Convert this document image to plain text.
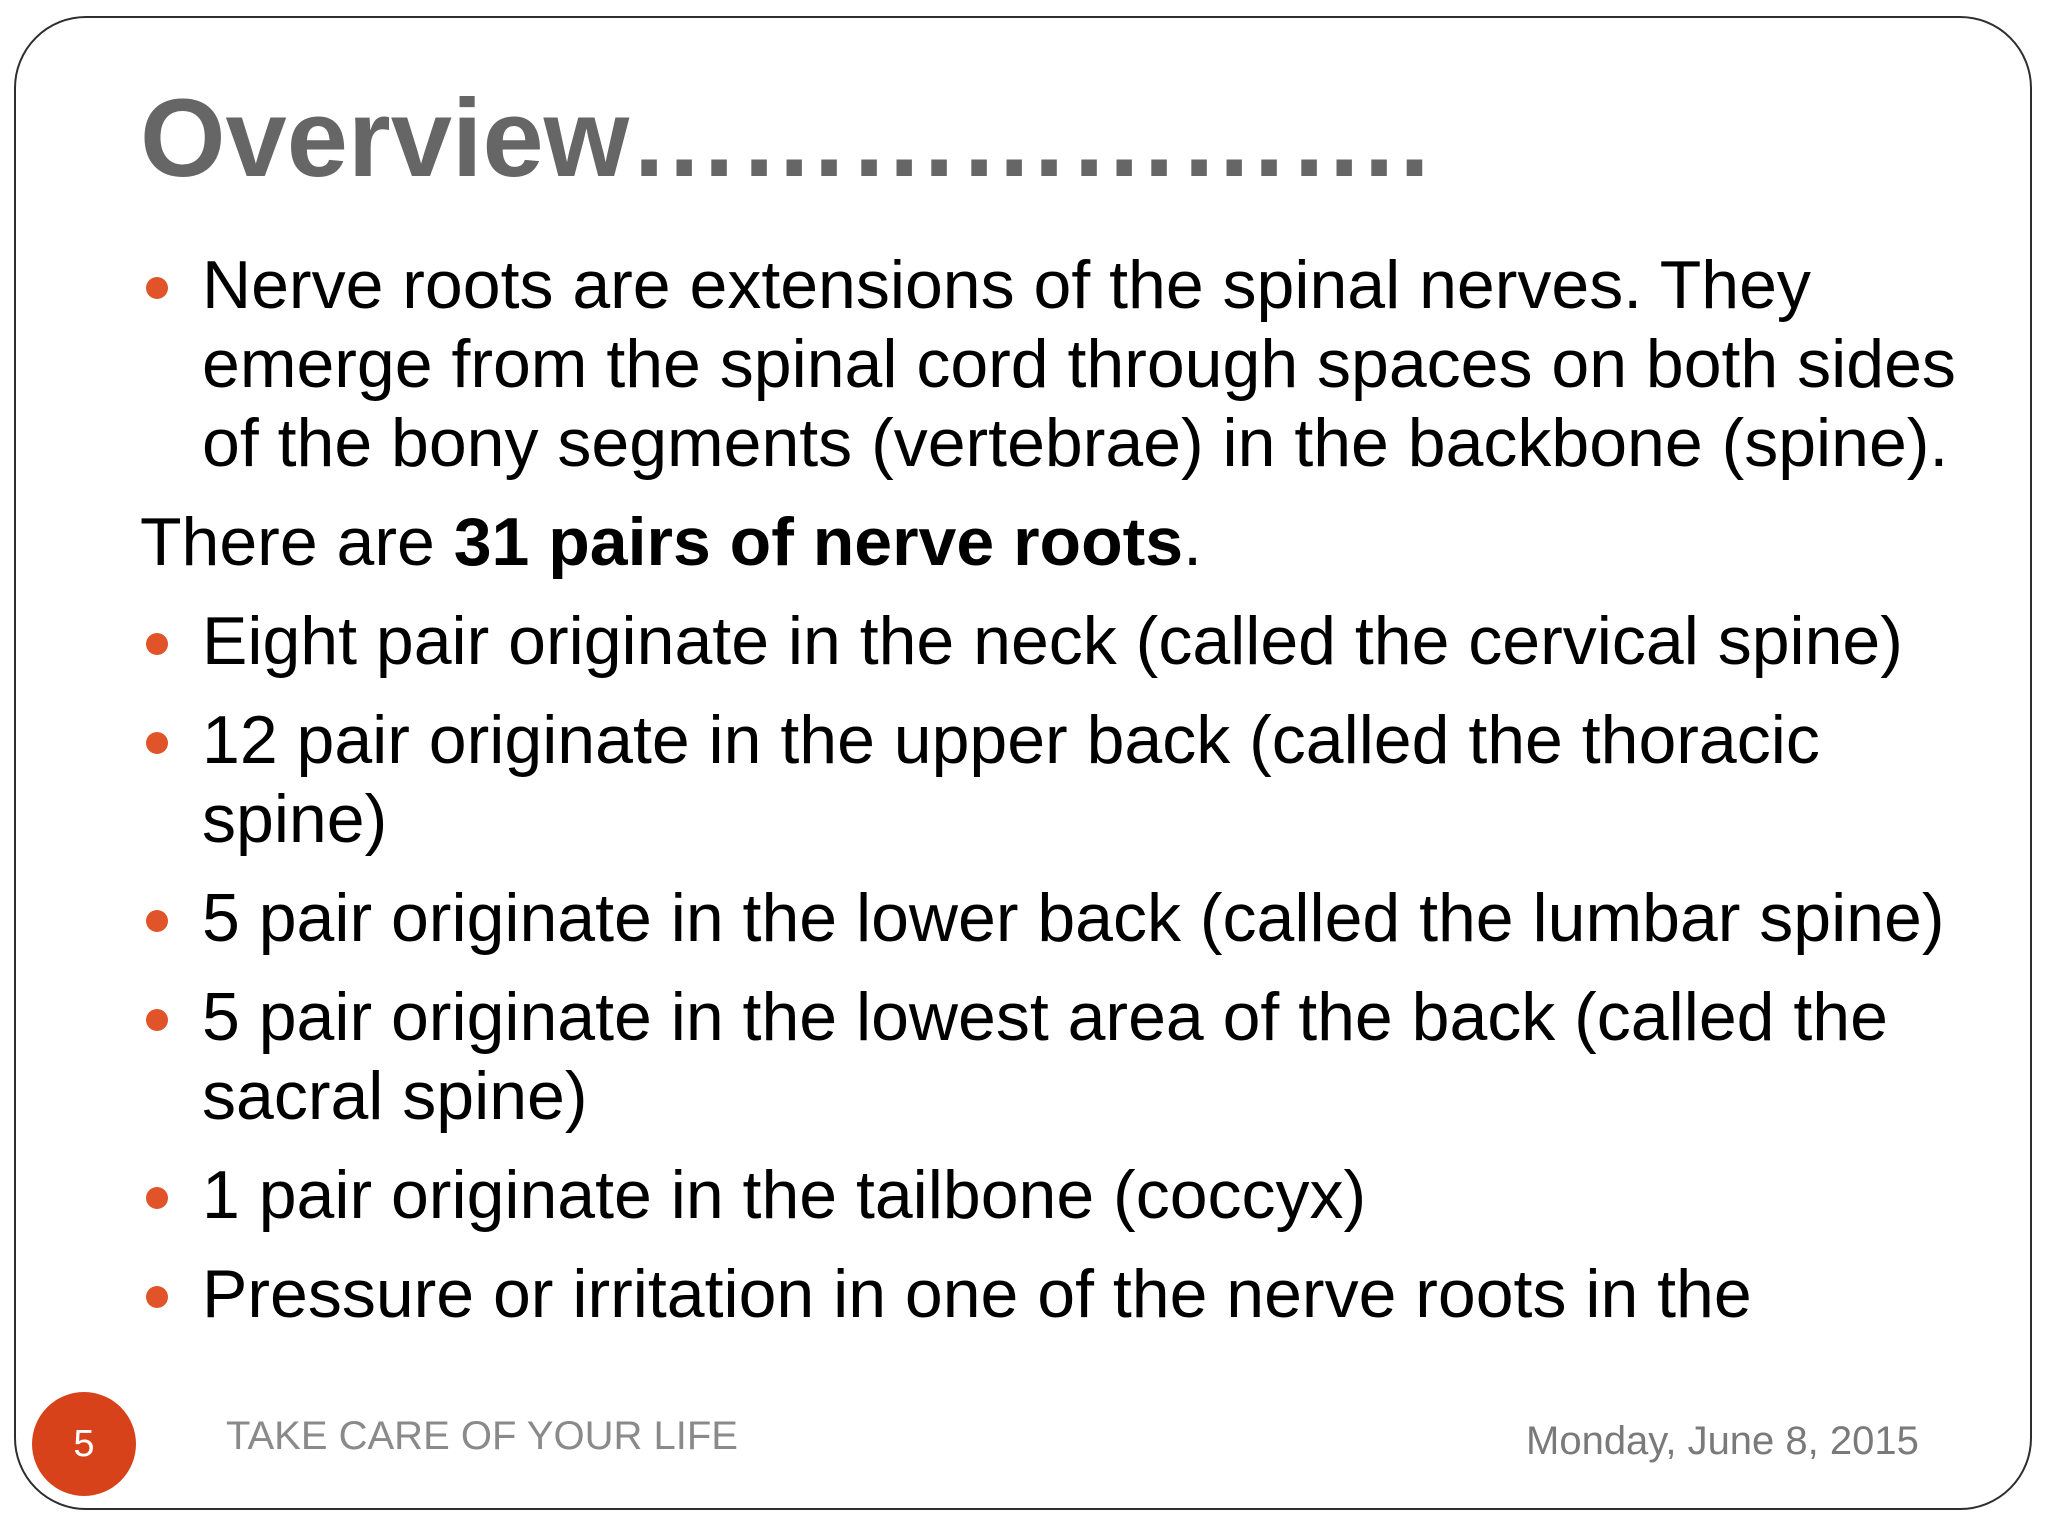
Overview………………….
Nerve roots are extensions of the spinal nerves. They emerge from the spinal cord through spaces on both sides of the bony segments (vertebrae) in the backbone (spine).
There are 31 pairs of nerve roots.
Eight pair originate in the neck (called the cervical spine)
12 pair originate in the upper back (called the thoracic spine)
5 pair originate in the lower back (called the lumbar spine)
5 pair originate in the lowest area of the back (called the sacral spine)
1 pair originate in the tailbone (coccyx)
Pressure or irritation in one of the nerve roots in the
5	TAKE CARE OF YOUR LIFE	Monday, June 8, 2015
